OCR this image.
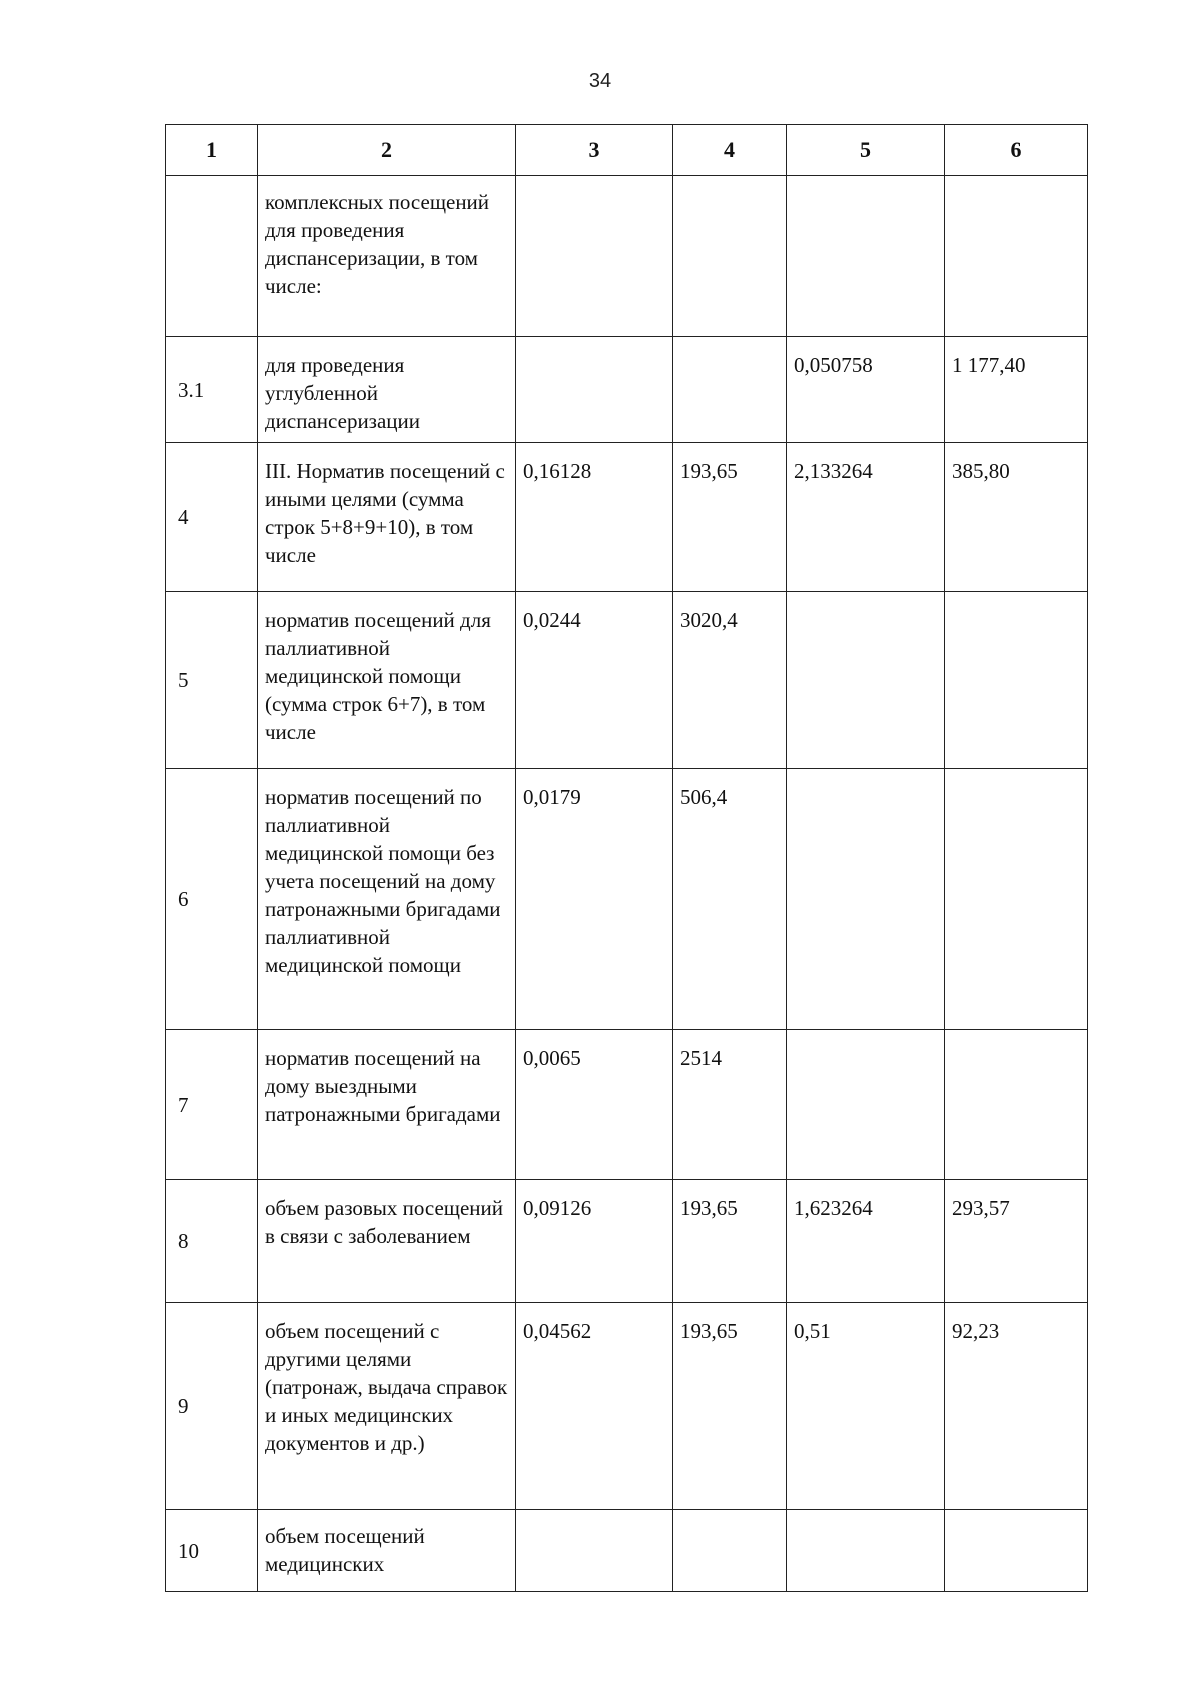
34
1	2	3	4	5	6

	комплексных посещений для проведения диспансеризации, в том числе:				

3.1	для проведения углубленной диспансеризации			0,050758	1 177,40

4	III. Норматив посещений с иными целями (сумма строк 5+8+9+10), в том числе	0,16128	193,65	2,133264	385,80

5	норматив посещений для паллиативной медицинской помощи (сумма строк 6+7), в том числе	0,0244	3020,4		

6	норматив посещений по паллиативной медицинской помощи без учета посещений на дому патронажными бригадами паллиативной медицинской помощи	0,0179	506,4		

7	норматив посещений на дому выездными патронажными бригадами	0,0065	2514		

8	объем разовых посещений в связи с заболеванием	0,09126	193,65	1,623264	293,57

9	объем посещений с другими целями (патронаж, выдача справок и иных медицинских документов и др.)	0,04562	193,65	0,51	92,23

10	объем посещений медицинских				
